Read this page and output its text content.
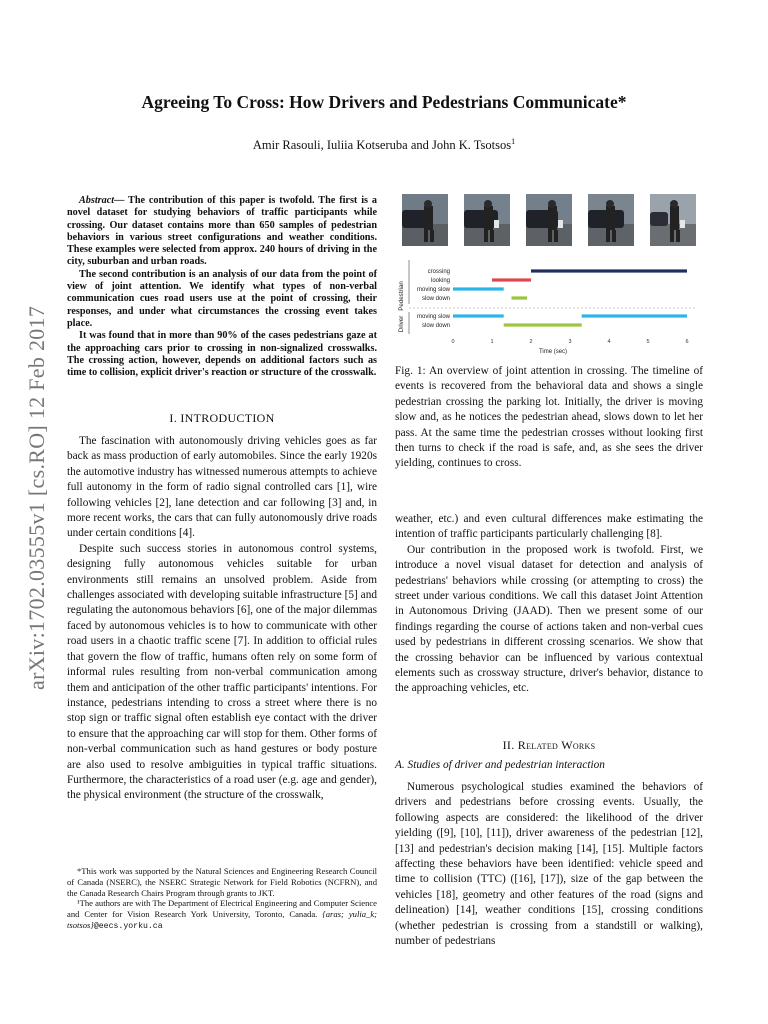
Agreeing To Cross: How Drivers and Pedestrians Communicate*
Amir Rasouli, Iuliia Kotseruba and John K. Tsotsos$^1$
arXiv:1702.03555v1 [cs.RO] 12 Feb 2017

Abstract— The contribution of this paper is twofold. The first is a novel dataset for studying behaviors of traffic participants while crossing. Our dataset contains more than 650 samples of pedestrian behaviors in various street configurations and weather conditions. These examples were selected from approx. 240 hours of driving in the city, suburban and urban roads.

The second contribution is an analysis of our data from the point of view of joint attention. We identify what types of non-verbal communication cues road users use at the point of crossing, their responses, and under what circumstances the crossing event takes place.

It was found that in more than 90% of the cases pedestrians gaze at the approaching cars prior to crossing in non-signalized crosswalks. The crossing action, however, depends on additional factors such as time to collision, explicit driver's reaction or structure of the crosswalk.

I. INTRODUCTION

The fascination with autonomously driving vehicles goes as far back as mass production of early automobiles. Since the early 1920s the automotive industry has witnessed numerous attempts to achieve full autonomy in the form of radio signal controlled cars [1], wire following vehicles [2], lane detection and car following [3] and, in more recent works, the cars that can fully autonomously drive roads under certain conditions [4].

Despite such success stories in autonomous control systems, designing fully autonomous vehicles suitable for urban environments still remains an unsolved problem. Aside from challenges associated with developing suitable infrastructure [5] and regulating the autonomous behaviors [6], one of the major dilemmas faced by autonomous vehicles is to how to communicate with other road users in a chaotic traffic scene [7]. In addition to official rules that govern the flow of traffic, humans often rely on some form of informal rules resulting from non-verbal communication among them and anticipation of the other traffic participants' intentions. For instance, pedestrians intending to cross a street where there is no stop sign or traffic signal often establish eye contact with the driver to ensure that the approaching car will stop for them. Other forms of non-verbal communication such as hand gestures or body posture are also used to resolve ambiguities in typical traffic situations. Furthermore, the characteristics of a road user (e.g. age and gender), the physical environment (the structure of the crosswalk,

*This work was supported by the Natural Sciences and Engineering Research Council of Canada (NSERC), the NSERC Strategic Network for Field Robotics (NCFRN), and the Canada Research Chairs Program through grants to JKT.

¹The authors are with The Department of Electrical Engineering and Computer Science and Center for Vision Research York University, Toronto, Canada. {aras; yulia_k; tsotsos}@eecs.yorku.ca

Pedestrian
Driver
crossing
looking
moving slow
slow down
moving slow
slow down
0	1	2	3	4	5	6
Time (sec)
Fig. 1: An overview of joint attention in crossing. The timeline of events is recovered from the behavioral data and shows a single pedestrian crossing the parking lot. Initially, the driver is moving slow and, as he notices the pedestrian ahead, slows down to let her pass. At the same time the pedestrian crosses without looking first then turns to check if the road is safe, and, as she sees the driver yielding, continues to cross.

weather, etc.) and even cultural differences make estimating the intention of traffic participants particularly challenging [8].

Our contribution in the proposed work is twofold. First, we introduce a novel visual dataset for detection and analysis of pedestrians' behaviors while crossing (or attempting to cross) the street under various conditions. We call this dataset Joint Attention in Autonomous Driving (JAAD). Then we present some of our findings regarding the course of actions taken and non-verbal cues used by pedestrians in different crossing scenarios. We show that the crossing behavior can be influenced by various contextual elements such as crossway structure, driver's behavior, distance to the approaching vehicles, etc.

II. Related Works
A. Studies of driver and pedestrian interaction

Numerous psychological studies examined the behaviors of drivers and pedestrians before crossing events. Usually, the following aspects are considered: the likelihood of the driver yielding ([9], [10], [11]), driver awareness of the pedestrian [12], [13] and pedestrian's decision making [14], [15]. Multiple factors affecting these behaviors have been identified: vehicle speed and time to collision (TTC) ([16], [17]), size of the gap between the vehicles [18], geometry and other features of the road (signs and delineation) [14], weather conditions [15], crossing conditions (whether pedestrian is crossing from a standstill or walking), number of pedestrians
